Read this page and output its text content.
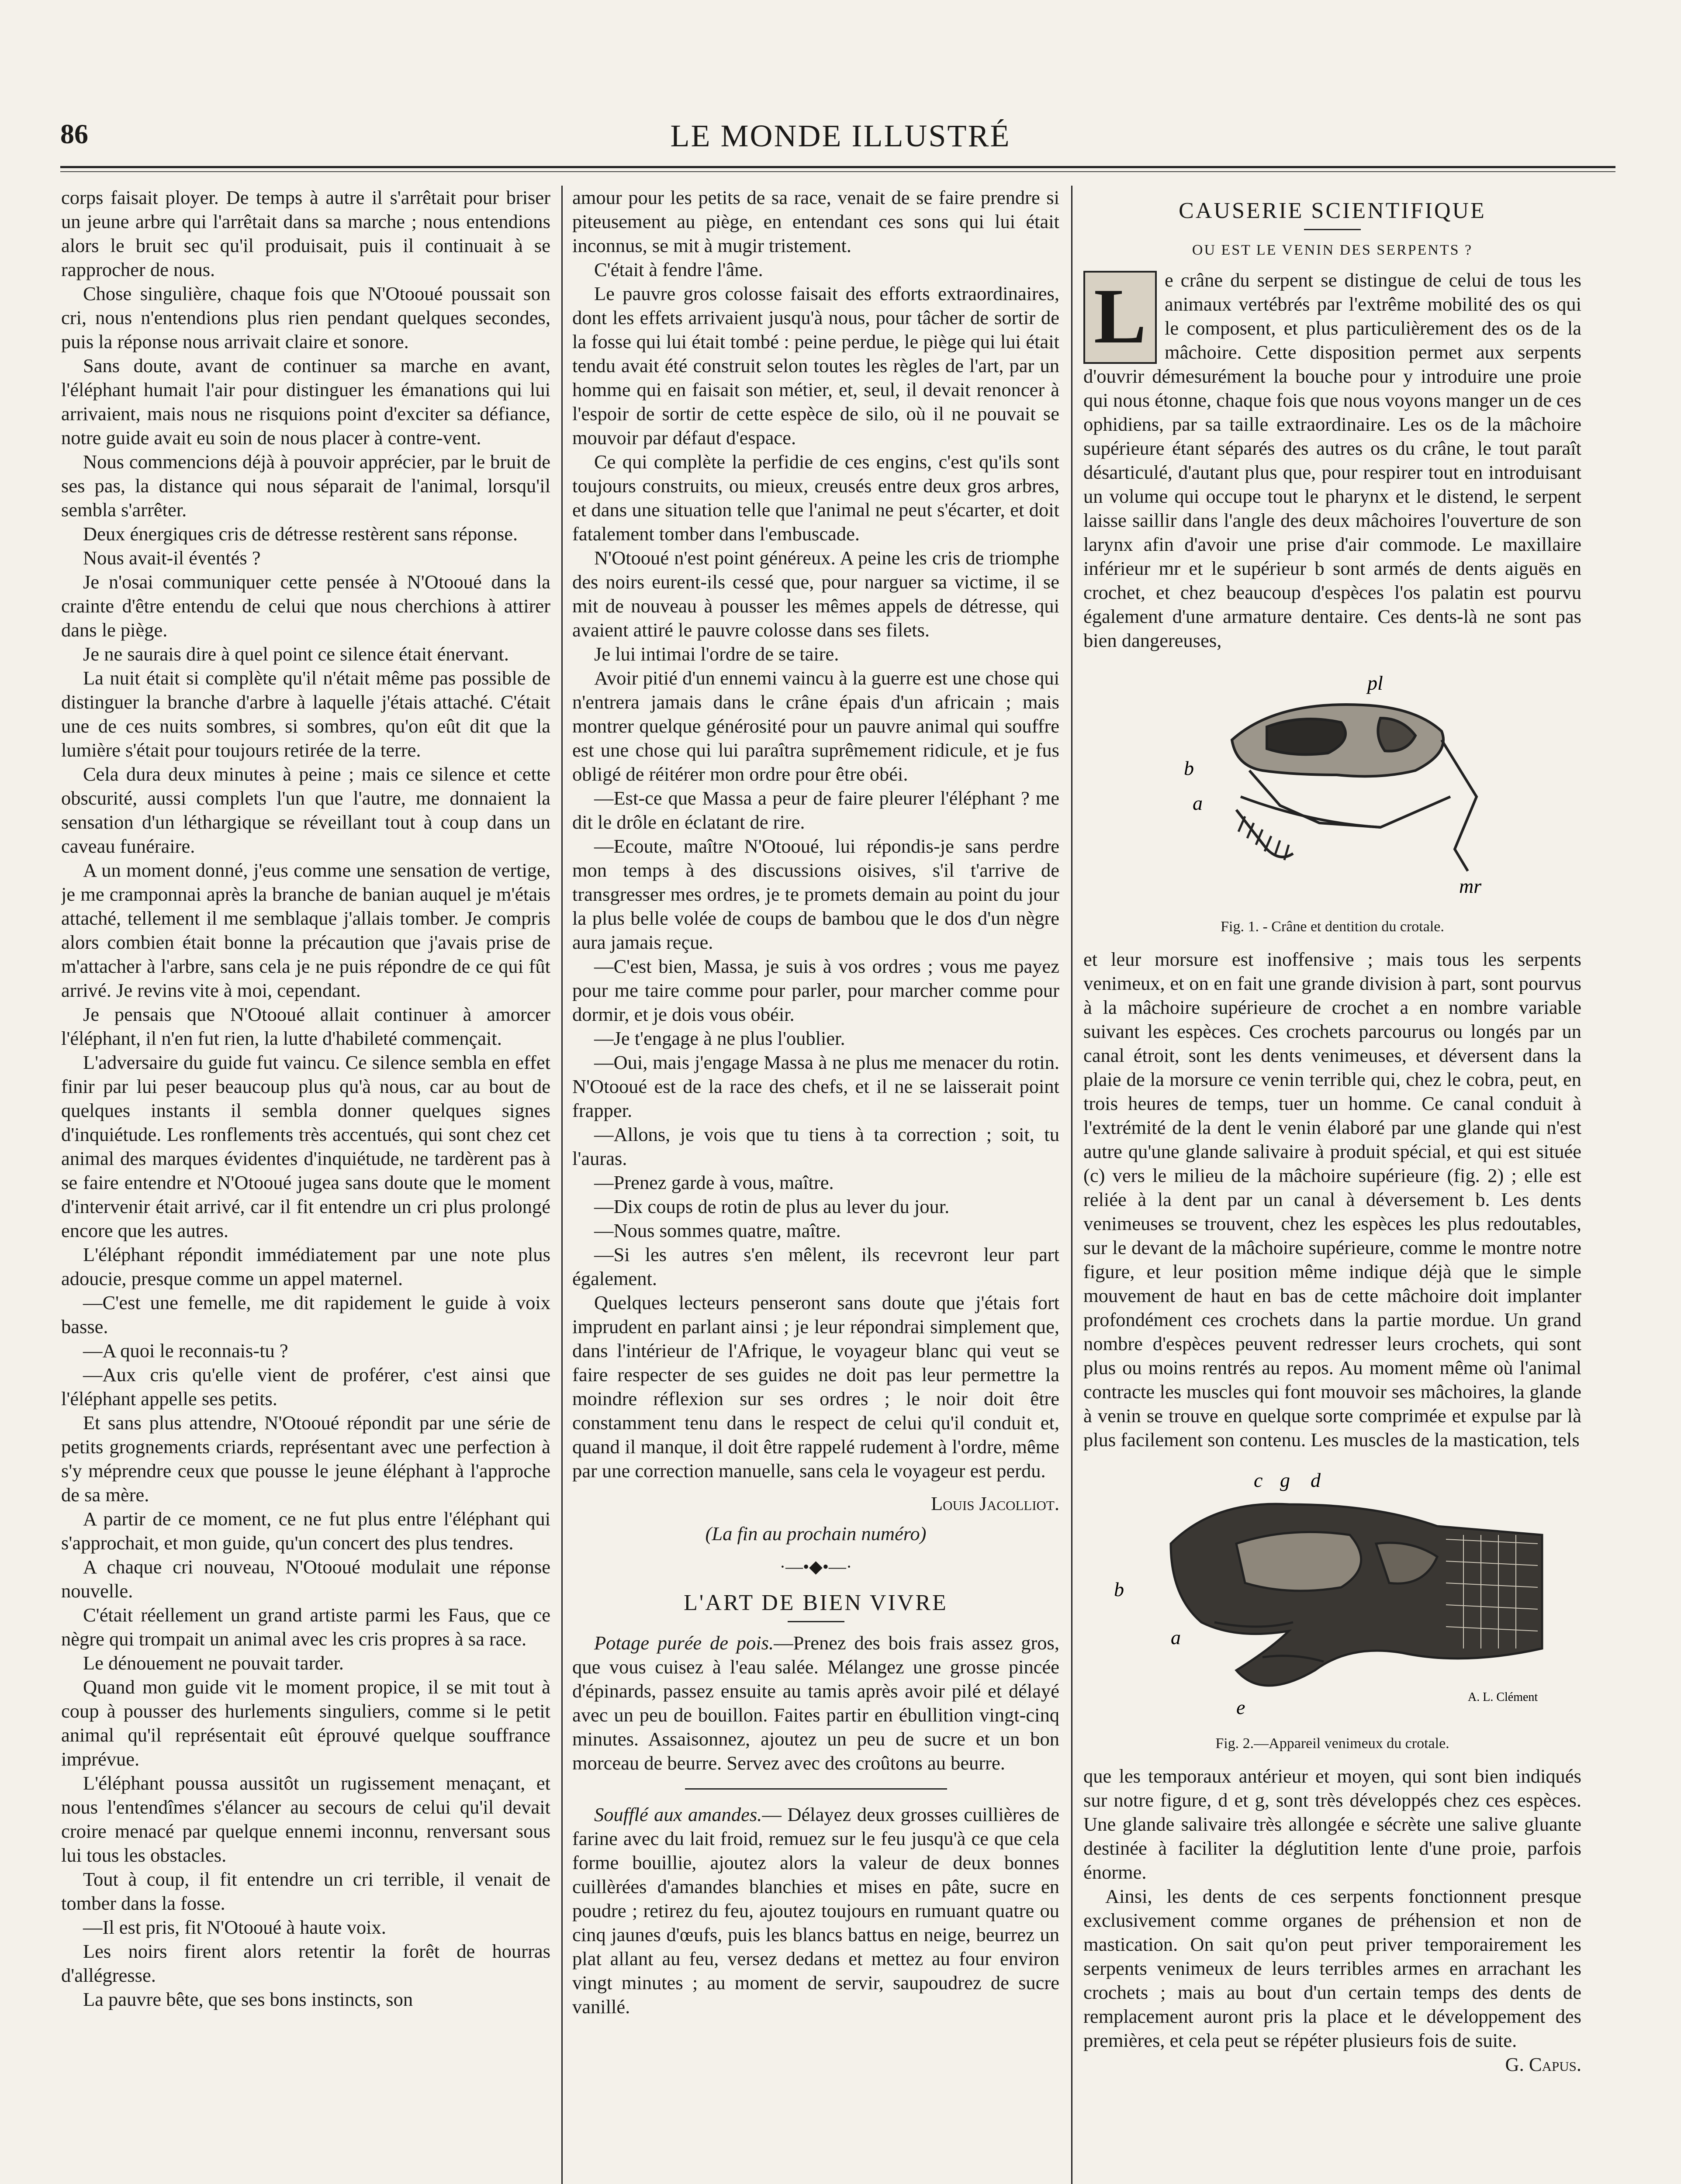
86	LE MONDE ILLUSTRÉ

corps faisait ployer. De temps à autre il s'arrêtait pour briser un jeune arbre qui l'arrêtait dans sa marche ; nous entendions alors le bruit sec qu'il produisait, puis il continuait à se rapprocher de nous.

Chose singulière, chaque fois que N'Otooué poussait son cri, nous n'entendions plus rien pendant quelques secondes, puis la réponse nous arrivait claire et sonore.

Sans doute, avant de continuer sa marche en avant, l'éléphant humait l'air pour distinguer les émanations qui lui arrivaient, mais nous ne risquions point d'exciter sa défiance, notre guide avait eu soin de nous placer à contre-vent.

Nous commencions déjà à pouvoir apprécier, par le bruit de ses pas, la distance qui nous séparait de l'animal, lorsqu'il sembla s'arrêter.

Deux énergiques cris de détresse restèrent sans réponse.

Nous avait-il éventés ?

Je n'osai communiquer cette pensée à N'Otooué dans la crainte d'être entendu de celui que nous cherchions à attirer dans le piège.

Je ne saurais dire à quel point ce silence était énervant.

La nuit était si complète qu'il n'était même pas possible de distinguer la branche d'arbre à laquelle j'étais attaché. C'était une de ces nuits sombres, si sombres, qu'on eût dit que la lumière s'était pour toujours retirée de la terre.

Cela dura deux minutes à peine ; mais ce silence et cette obscurité, aussi complets l'un que l'autre, me donnaient la sensation d'un léthargique se réveillant tout à coup dans un caveau funéraire.

A un moment donné, j'eus comme une sensation de vertige, je me cramponnai après la branche de banian auquel je m'étais attaché, tellement il me semblaque j'allais tomber. Je compris alors combien était bonne la précaution que j'avais prise de m'attacher à l'arbre, sans cela je ne puis répondre de ce qui fût arrivé. Je revins vite à moi, cependant.

Je pensais que N'Otooué allait continuer à amorcer l'éléphant, il n'en fut rien, la lutte d'habileté commençait.

L'adversaire du guide fut vaincu. Ce silence sembla en effet finir par lui peser beaucoup plus qu'à nous, car au bout de quelques instants il sembla donner quelques signes d'inquiétude. Les ronflements très accentués, qui sont chez cet animal des marques évidentes d'inquiétude, ne tardèrent pas à se faire entendre et N'Otooué jugea sans doute que le moment d'intervenir était arrivé, car il fit entendre un cri plus prolongé encore que les autres.

L'éléphant répondit immédiatement par une note plus adoucie, presque comme un appel maternel.

—C'est une femelle, me dit rapidement le guide à voix basse.

—A quoi le reconnais-tu ?

—Aux cris qu'elle vient de proférer, c'est ainsi que l'éléphant appelle ses petits.

Et sans plus attendre, N'Otooué répondit par une série de petits grognements criards, représentant avec une perfection à s'y méprendre ceux que pousse le jeune éléphant à l'approche de sa mère.

A partir de ce moment, ce ne fut plus entre l'éléphant qui s'approchait, et mon guide, qu'un concert des plus tendres.

A chaque cri nouveau, N'Otooué modulait une réponse nouvelle.

C'était réellement un grand artiste parmi les Faus, que ce nègre qui trompait un animal avec les cris propres à sa race.

Le dénouement ne pouvait tarder.

Quand mon guide vit le moment propice, il se mit tout à coup à pousser des hurlements singuliers, comme si le petit animal qu'il représentait eût éprouvé quelque souffrance imprévue.

L'éléphant poussa aussitôt un rugissement menaçant, et nous l'entendîmes s'élancer au secours de celui qu'il devait croire menacé par quelque ennemi inconnu, renversant sous lui tous les obstacles.

Tout à coup, il fit entendre un cri terrible, il venait de tomber dans la fosse.

—Il est pris, fit N'Otooué à haute voix.

Les noirs firent alors retentir la forêt de hourras d'allégresse.

La pauvre bête, que ses bons instincts, son

amour pour les petits de sa race, venait de se faire prendre si piteusement au piège, en entendant ces sons qui lui était inconnus, se mit à mugir tristement.

C'était à fendre l'âme.

Le pauvre gros colosse faisait des efforts extraordinaires, dont les effets arrivaient jusqu'à nous, pour tâcher de sortir de la fosse qui lui était tombé : peine perdue, le piège qui lui était tendu avait été construit selon toutes les règles de l'art, par un homme qui en faisait son métier, et, seul, il devait renoncer à l'espoir de sortir de cette espèce de silo, où il ne pouvait se mouvoir par défaut d'espace.

Ce qui complète la perfidie de ces engins, c'est qu'ils sont toujours construits, ou mieux, creusés entre deux gros arbres, et dans une situation telle que l'animal ne peut s'écarter, et doit fatalement tomber dans l'embuscade.

N'Otooué n'est point généreux. A peine les cris de triomphe des noirs eurent-ils cessé que, pour narguer sa victime, il se mit de nouveau à pousser les mêmes appels de détresse, qui avaient attiré le pauvre colosse dans ses filets.

Je lui intimai l'ordre de se taire.

Avoir pitié d'un ennemi vaincu à la guerre est une chose qui n'entrera jamais dans le crâne épais d'un africain ; mais montrer quelque générosité pour un pauvre animal qui souffre est une chose qui lui paraîtra suprêmement ridicule, et je fus obligé de réitérer mon ordre pour être obéi.

—Est-ce que Massa a peur de faire pleurer l'éléphant ? me dit le drôle en éclatant de rire.

—Ecoute, maître N'Otooué, lui répondis-je sans perdre mon temps à des discussions oisives, s'il t'arrive de transgresser mes ordres, je te promets demain au point du jour la plus belle volée de coups de bambou que le dos d'un nègre aura jamais reçue.

—C'est bien, Massa, je suis à vos ordres ; vous me payez pour me taire comme pour parler, pour marcher comme pour dormir, et je dois vous obéir.

—Je t'engage à ne plus l'oublier.

—Oui, mais j'engage Massa à ne plus me menacer du rotin. N'Otooué est de la race des chefs, et il ne se laisserait point frapper.

—Allons, je vois que tu tiens à ta correction ; soit, tu l'auras.

—Prenez garde à vous, maître.

—Dix coups de rotin de plus au lever du jour.

—Nous sommes quatre, maître.

—Si les autres s'en mêlent, ils recevront leur part également.

Quelques lecteurs penseront sans doute que j'étais fort imprudent en parlant ainsi ; je leur répondrai simplement que, dans l'intérieur de l'Afrique, le voyageur blanc qui veut se faire respecter de ses guides ne doit pas leur permettre la moindre réflexion sur ses ordres ; le noir doit être constamment tenu dans le respect de celui qu'il conduit et, quand il manque, il doit être rappelé rudement à l'ordre, même par une correction manuelle, sans cela le voyageur est perdu.

Louis Jacolliot.

(La fin au prochain numéro)

·—•◆•—·
L'ART DE BIEN VIVRE

Potage purée de pois.—Prenez des bois frais assez gros, que vous cuisez à l'eau salée. Mélangez une grosse pincée d'épinards, passez ensuite au tamis après avoir pilé et délayé avec un peu de bouillon. Faites partir en ébullition vingt-cinq minutes. Assaisonnez, ajoutez un peu de sucre et un bon morceau de beurre. Servez avec des croûtons au beurre.

Soufflé aux amandes.— Délayez deux grosses cuillières de farine avec du lait froid, remuez sur le feu jusqu'à ce que cela forme bouillie, ajoutez alors la valeur de deux bonnes cuillèrées d'amandes blanchies et mises en pâte, sucre en poudre ; retirez du feu, ajoutez toujours en rumuant quatre ou cinq jaunes d'œufs, puis les blancs battus en neige, beurrez un plat allant au feu, versez dedans et mettez au four environ vingt minutes ; au moment de servir, saupoudrez de sucre vanillé.

CAUSERIE SCIENTIFIQUE
OU EST LE VENIN DES SERPENTS ?
L e crâne du serpent se distingue de celui de tous les animaux vertébrés par l'extrême mobilité des os qui le composent, et plus particulièrement des os de la mâchoire. Cette disposition permet aux serpents d'ouvrir démesurément la bouche pour y introduire une proie qui nous étonne, chaque fois que nous voyons manger un de ces ophidiens, par sa taille extraordinaire. Les os de la mâchoire supérieure étant séparés des autres os du crâne, le tout paraît désarticulé, d'autant plus que, pour respirer tout en introduisant un volume qui occupe tout le pharynx et le distend, le serpent laisse saillir dans l'angle des deux mâchoires l'ouverture de son larynx afin d'avoir une prise d'air commode. Le maxillaire inférieur mr et le supérieur b sont armés de dents aiguës en crochet, et chez beaucoup d'espèces l'os palatin est pourvu également d'une armature dentaire. Ces dents-là ne sont pas bien dangereuses,

pl
b
a
mr
Fig. 1. - Crâne et dentition du crotale.

et leur morsure est inoffensive ; mais tous les serpents venimeux, et on en fait une grande division à part, sont pourvus à la mâchoire supérieure de crochet a en nombre variable suivant les espèces. Ces crochets parcourus ou longés par un canal étroit, sont les dents venimeuses, et déversent dans la plaie de la morsure ce venin terrible qui, chez le cobra, peut, en trois heures de temps, tuer un homme. Ce canal conduit à l'extrémité de la dent le venin élaboré par une glande qui n'est autre qu'une glande salivaire à produit spécial, et qui est située (c) vers le milieu de la mâchoire supérieure (fig. 2) ; elle est reliée à la dent par un canal à déversement b. Les dents venimeuses se trouvent, chez les espèces les plus redoutables, sur le devant de la mâchoire supérieure, comme le montre notre figure, et leur position même indique déjà que le simple mouvement de haut en bas de cette mâchoire doit implanter profondément ces crochets dans la partie mordue. Un grand nombre d'espèces peuvent redresser leurs crochets, qui sont plus ou moins rentrés au repos. Au moment même où l'animal contracte les muscles qui font mouvoir ses mâchoires, la glande à venin se trouve en quelque sorte comprimée et expulse par là plus facilement son contenu. Les muscles de la mastication, tels

c g d
b
a
e	A. L. Clément
Fig. 2.—Appareil venimeux du crotale.

que les temporaux antérieur et moyen, qui sont bien indiqués sur notre figure, d et g, sont très développés chez ces espèces. Une glande salivaire très allongée e sécrète une salive gluante destinée à faciliter la déglutition lente d'une proie, parfois énorme.

Ainsi, les dents de ces serpents fonctionnent presque exclusivement comme organes de préhension et non de mastication. On sait qu'on peut priver temporairement les serpents venimeux de leurs terribles armes en arrachant les crochets ; mais au bout d'un certain temps des dents de remplacement auront pris la place et le développement des premières, et cela peut se répéter plusieurs fois de suite.

G. Capus.
